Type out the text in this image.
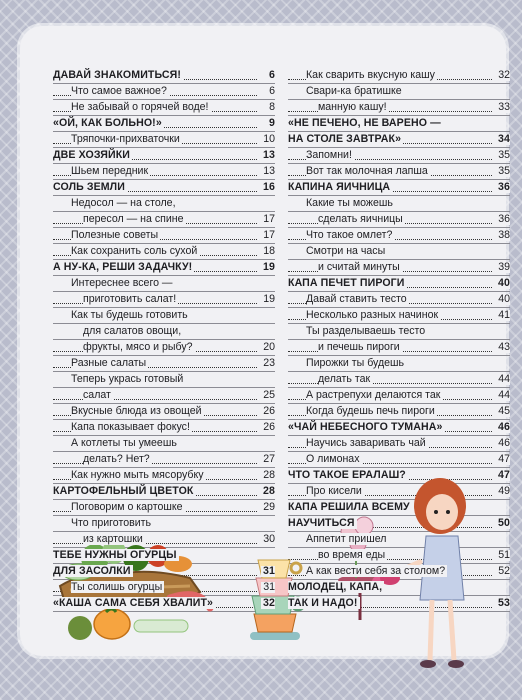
ДАВАЙ ЗНАКОМИТЬСЯ!	6
Что самое важное?	6
Не забывай о горячей воде!	8
«ОЙ, КАК БОЛЬНО!»	9
Тряпочки-прихваточки	10
ДВЕ ХОЗЯЙКИ	13
Шьем передник	13
СОЛЬ ЗЕМЛИ	16
Недосол — на столе,
пересол — на спине	17
Полезные советы	17
Как сохранить соль сухой	18
А НУ-КА, РЕШИ ЗАДАЧКУ!	19
Интереснее всего —
приготовить салат!	19
Как ты будешь готовить
для салатов овощи,
фрукты, мясо и рыбу?	20
Разные салаты	23
Теперь укрась готовый
салат	25
Вкусные блюда из овощей	26
Капа показывает фокус!	26
А котлеты ты умеешь
делать? Нет?	27
Как нужно мыть мясорубку	28
КАРТОФЕЛЬНЫЙ ЦВЕТОК	28
Поговорим о картошке	29
Что приготовить
из картошки	30
ТЕБЕ НУЖНЫ ОГУРЦЫ
ДЛЯ ЗАСОЛКИ	31
Ты солишь огурцы	31
«КАША САМА СЕБЯ ХВАЛИТ»	32
Как сварить вкусную кашу	32
Свари-ка братишке
манную кашу!	33
«НЕ ПЕЧЕНО, НЕ ВАРЕНО —
НА СТОЛЕ ЗАВТРАК»	34
Запомни!	35
Вот так молочная лапша	35
КАПИНА ЯИЧНИЦА	36
Какие ты можешь
сделать яичницы	36
Что такое омлет?	38
Смотри на часы
и считай минуты	39
КАПА ПЕЧЕТ ПИРОГИ	40
Давай ставить тесто	40
Несколько разных начинок	41
Ты разделываешь тесто
и печешь пироги	43
Пирожки ты будешь
делать так	44
А растрепухи делаются так	44
Когда будешь печь пироги	45
«ЧАЙ НЕБЕСНОГО ТУМАНА»	46
Научись заваривать чай	46
О лимонах	47
ЧТО ТАКОЕ ЕРАЛАШ?	47
Про кисели	49
КАПА РЕШИЛА ВСЕМУ
НАУЧИТЬСЯ	50
Аппетит пришел
во время еды	51
А как вести себя за столом?	52
МОЛОДЕЦ, КАПА,
ТАК И НАДО!	53
